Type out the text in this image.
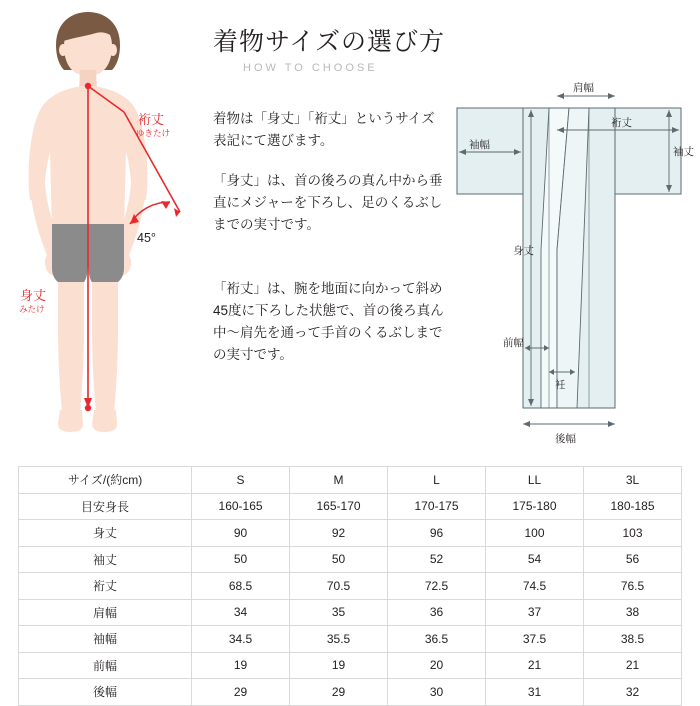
裄丈
ゆきたけ
身丈
みたけ
45°
着物サイズの選び方
HOW TO CHOOSE
着物は「身丈」「裄丈」というサイズ表記にて選びます。
「身丈」は、首の後ろの真ん中から垂直にメジャーを下ろし、足のくるぶしまでの実寸です。
「裄丈」は、腕を地面に向かって斜め45度に下ろした状態で、首の後ろ真ん中～肩先を通って手首のくるぶしまでの実寸です。
肩幅
袖幅
裄丈
袖丈
身丈
前幅
衽
後幅
サイズ/(約cm)	S	M	L	LL	3L
目安身長	160-165	165-170	170-175	175-180	180-185
身丈	90	92	96	100	103
袖丈	50	50	52	54	56
裄丈	68.5	70.5	72.5	74.5	76.5
肩幅	34	35	36	37	38
袖幅	34.5	35.5	36.5	37.5	38.5
前幅	19	19	20	21	21
後幅	29	29	30	31	32
